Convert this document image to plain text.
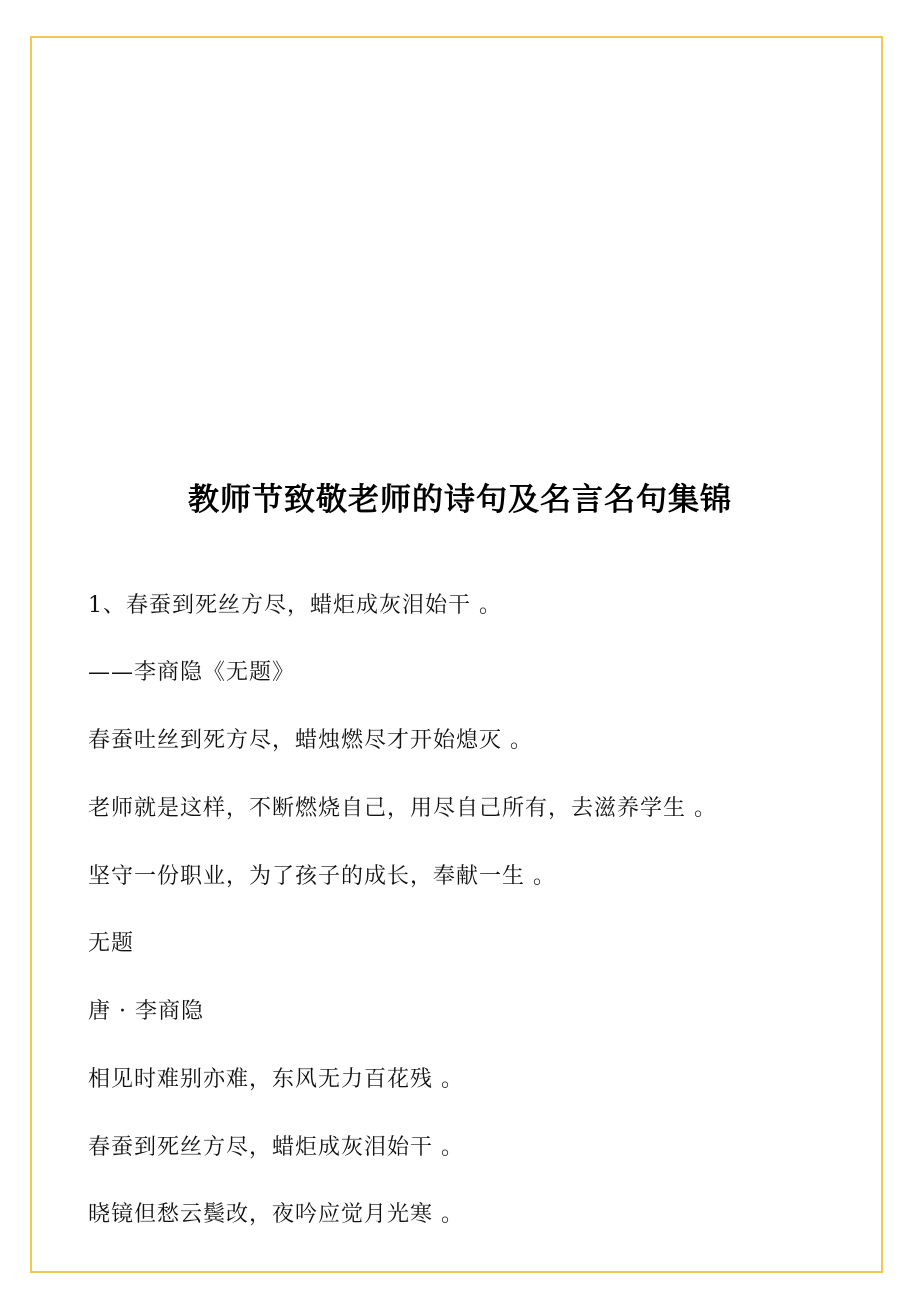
教师节致敬老师的诗句及名言名句集锦
1、春蚕到死丝方尽，蜡炬成灰泪始干 。
——李商隐《无题》
春蚕吐丝到死方尽，蜡烛燃尽才开始熄灭 。
老师就是这样，不断燃烧自己，用尽自己所有，去滋养学生 。
坚守一份职业，为了孩子的成长，奉献一生 。
无题
唐 · 李商隐
相见时难别亦难，东风无力百花残 。
春蚕到死丝方尽，蜡炬成灰泪始干 。
晓镜但愁云鬓改，夜吟应觉月光寒 。
